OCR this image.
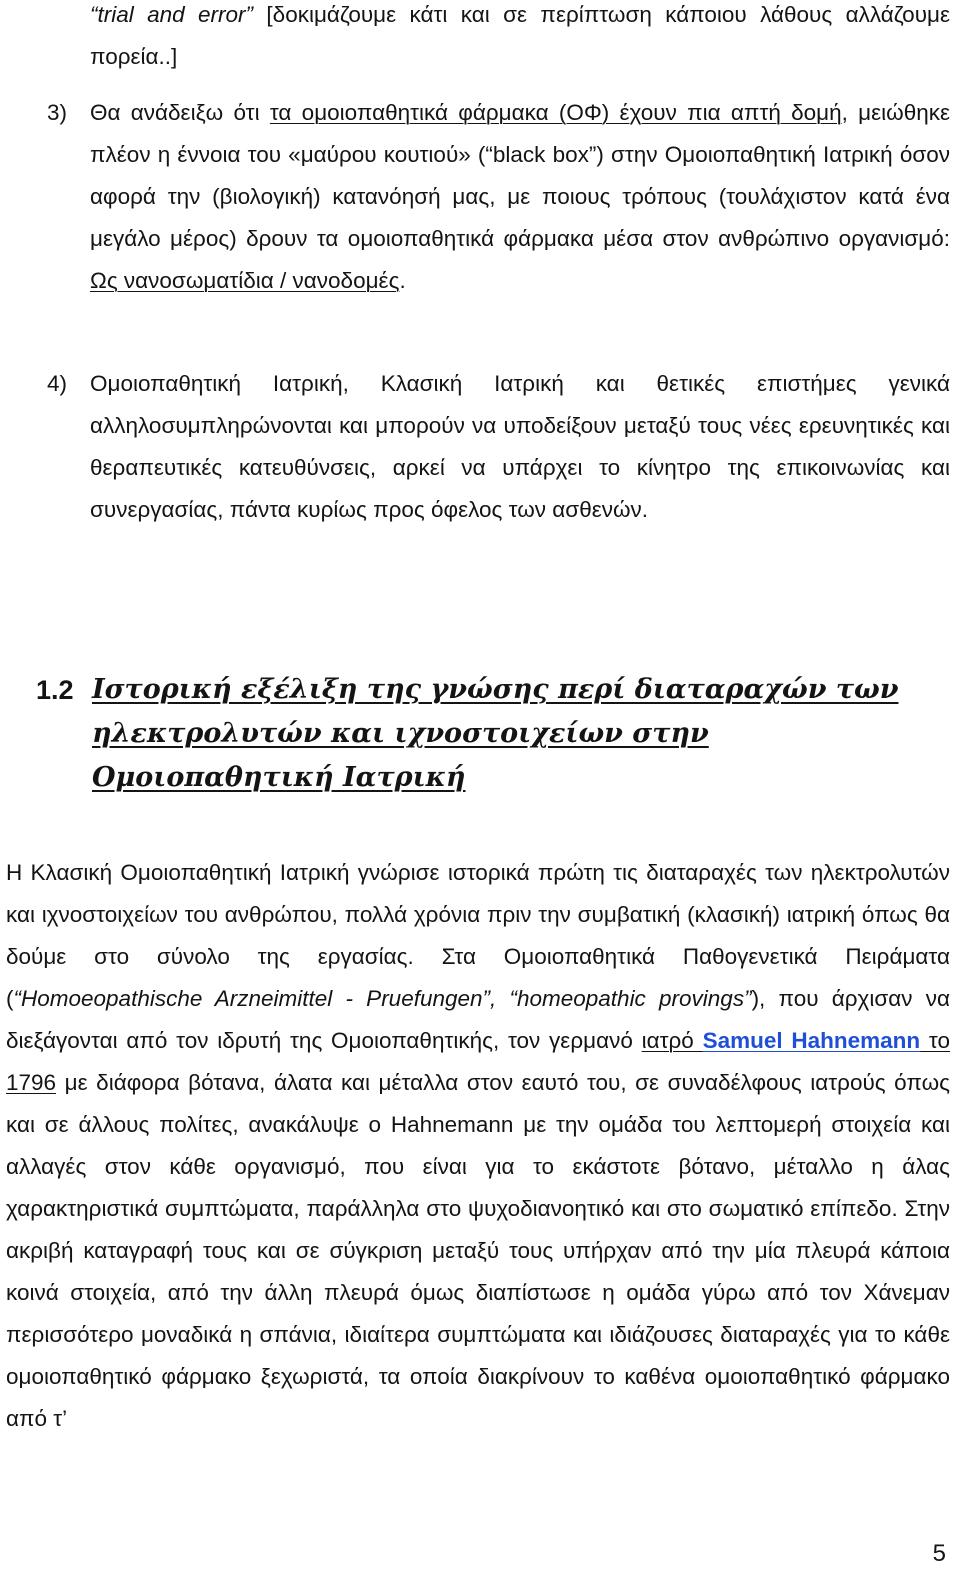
“trial and error” [δοκιμάζουμε κάτι και σε περίπτωση κάποιου λάθους αλλάζουμε πορεία..]
3)	Θα ανάδειξω ότι τα ομοιοπαθητικά φάρμακα (ΟΦ) έχουν πια απτή δομή, μειώθηκε πλέον η έννοια του «μαύρου κουτιού» (“black box”) στην Ομοιοπαθητική Ιατρική όσον αφορά την (βιολογική) κατανόησή μας, με ποιους τρόπους (τουλάχιστον κατά ένα μεγάλο μέρος) δρουν τα ομοιοπαθητικά φάρμακα μέσα στον ανθρώπινο οργανισμό: Ως νανοσωματίδια / νανοδομές.
4)	Ομοιοπαθητική Ιατρική, Κλασική Ιατρική και θετικές επιστήμες γενικά αλληλοσυμπληρώνονται και μπορούν να υποδείξουν μεταξύ τους νέες ερευνητικές και θεραπευτικές κατευθύνσεις, αρκεί να υπάρχει το κίνητρο της επικοινωνίας και συνεργασίας, πάντα κυρίως προς όφελος των ασθενών.
1.2 Ιστορική εξέλιξη της γνώσης περί διαταραχών των ηλεκτρολυτών και ιχνοστοιχείων στην Ομοιοπαθητική Ιατρική
Η Κλασική Ομοιοπαθητική Ιατρική γνώρισε ιστορικά πρώτη τις διαταραχές των ηλεκτρολυτών και ιχνοστοιχείων του ανθρώπου, πολλά χρόνια πριν την συμβατική (κλασική) ιατρική όπως θα δούμε στο σύνολο της εργασίας. Στα Ομοιοπαθητικά Παθογενετικά Πειράματα (“Homoeopathische Arzneimittel - Pruefungen”, “homeopathic provings”), που άρχισαν να διεξάγονται από τον ιδρυτή της Ομοιοπαθητικής, τον γερμανό ιατρό Samuel Hahnemann το 1796 με διάφορα βότανα, άλατα και μέταλλα στον εαυτό του, σε συναδέλφους ιατρούς όπως και σε άλλους πολίτες, ανακάλυψε ο Hahnemann με την ομάδα του λεπτομερή στοιχεία και αλλαγές στον κάθε οργανισμό, που είναι για το εκάστοτε βότανο, μέταλλο η άλας χαρακτηριστικά συμπτώματα, παράλληλα στο ψυχοδιανοητικό και στο σωματικό επίπεδο. Στην ακριβή καταγραφή τους και σε σύγκριση μεταξύ τους υπήρχαν από την μία πλευρά κάποια κοινά στοιχεία, από την άλλη πλευρά όμως διαπίστωσε η ομάδα γύρω από τον Χάνεμαν περισσότερο μοναδικά η σπάνια, ιδιαίτερα συμπτώματα και ιδιάζουσες διαταραχές για το κάθε ομοιοπαθητικό φάρμακο ξεχωριστά, τα οποία διακρίνουν το καθένα ομοιοπαθητικό φάρμακο από τ’
5
